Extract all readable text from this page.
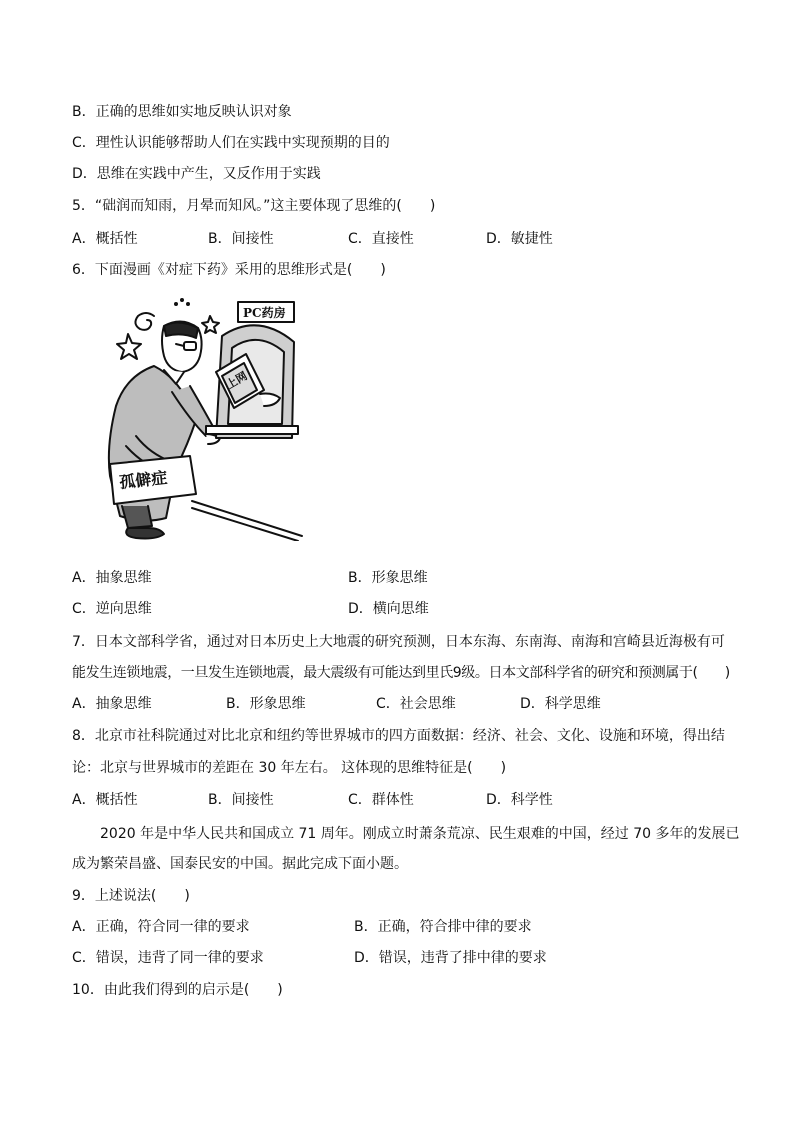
B．正确的思维如实地反映认识对象
C．理性认识能够帮助人们在实践中实现预期的目的
D．思维在实践中产生，又反作用于实践
5．“础润而知雨，月晕而知风。”这主要体现了思维的(　　)
A．概括性	B．间接性	C．直接性	D．敏捷性
6．下面漫画《对症下药》采用的思维形式是(　　)
PC药房
上网
孤僻症
A．抽象思维	B．形象思维
C．逆向思维	D．横向思维
7．日本文部科学省，通过对日本历史上大地震的研究预测，日本东海、东南海、南海和宫崎县近海极有可
能发生连锁地震，一旦发生连锁地震，最大震级有可能达到里氏9级。日本文部科学省的研究和预测属于(　　)
A．抽象思维	B．形象思维	C．社会思维	D．科学思维
8．北京市社科院通过对比北京和纽约等世界城市的四方面数据：经济、社会、文化、设施和环境，得出结
论：北京与世界城市的差距在 30 年左右。 这体现的思维特征是(　　)
A．概括性	B．间接性	C．群体性	D．科学性
2020 年是中华人民共和国成立 71 周年。刚成立时萧条荒凉、民生艰难的中国，经过 70 多年的发展已
成为繁荣昌盛、国泰民安的中国。据此完成下面小题。
9．上述说法(　　)
A．正确，符合同一律的要求	B．正确，符合排中律的要求
C．错误，违背了同一律的要求	D．错误，违背了排中律的要求
10．由此我们得到的启示是(　　)
